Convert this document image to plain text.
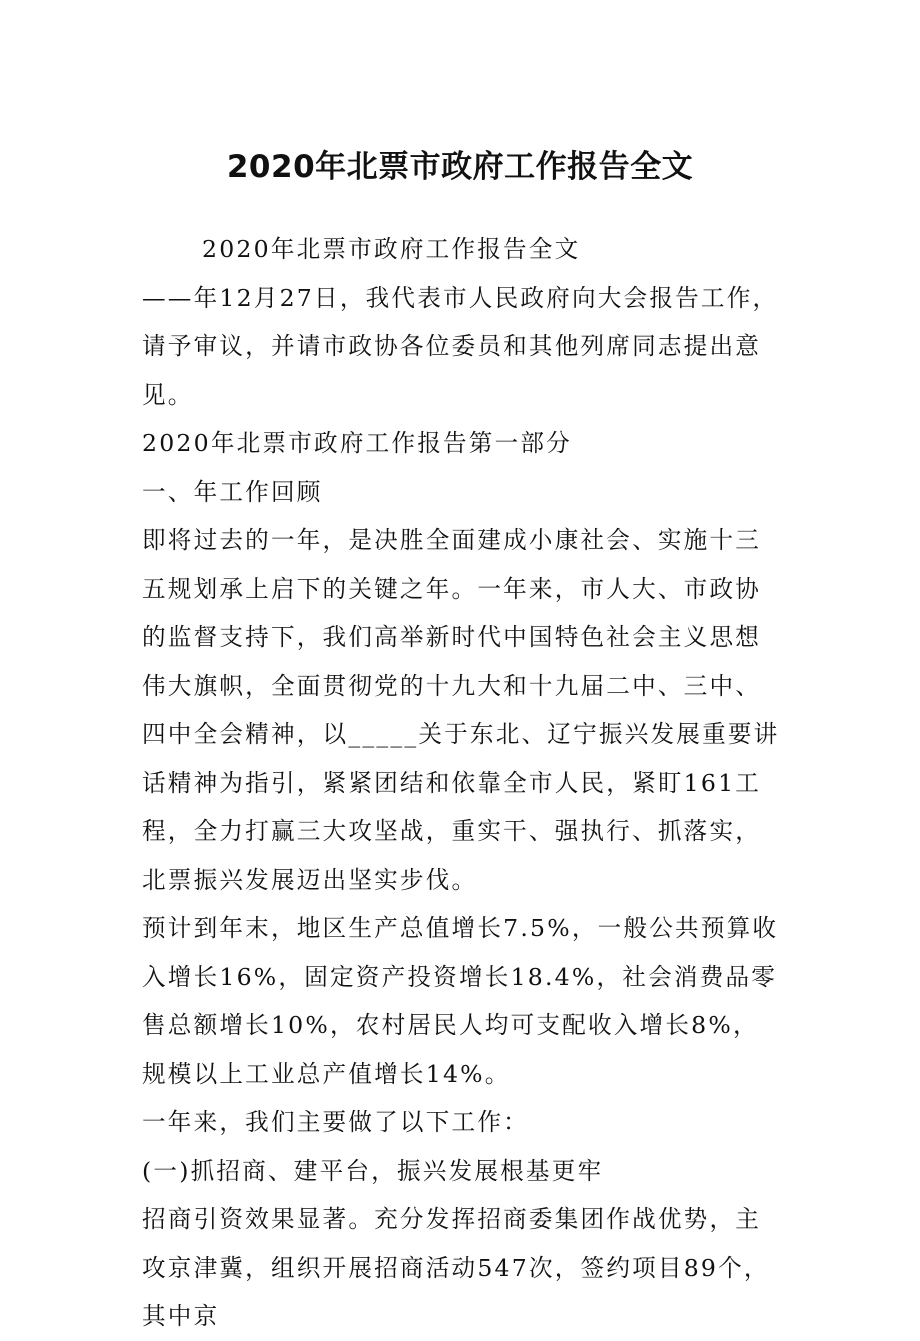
2020年北票市政府工作报告全文

2020年北票市政府工作报告全文

——年12月27日，我代表市人民政府向大会报告工作，请予审议，并请市政协各位委员和其他列席同志提出意见。

2020年北票市政府工作报告第一部分

一、年工作回顾

即将过去的一年，是决胜全面建成小康社会、实施十三五规划承上启下的关键之年。一年来，市人大、市政协的监督支持下，我们高举新时代中国特色社会主义思想伟大旗帜，全面贯彻党的十九大和十九届二中、三中、四中全会精神，以_____关于东北、辽宁振兴发展重要讲话精神为指引，紧紧团结和依靠全市人民，紧盯161工程，全力打赢三大攻坚战，重实干、强执行、抓落实，北票振兴发展迈出坚实步伐。

预计到年末，地区生产总值增长7.5%，一般公共预算收入增长16%，固定资产投资增长18.4%，社会消费品零售总额增长10%，农村居民人均可支配收入增长8%，规模以上工业总产值增长14%。

一年来，我们主要做了以下工作：

(一)抓招商、建平台，振兴发展根基更牢

招商引资效果显著。充分发挥招商委集团作战优势，主攻京津冀，组织开展招商活动547次，签约项目89个，其中京
